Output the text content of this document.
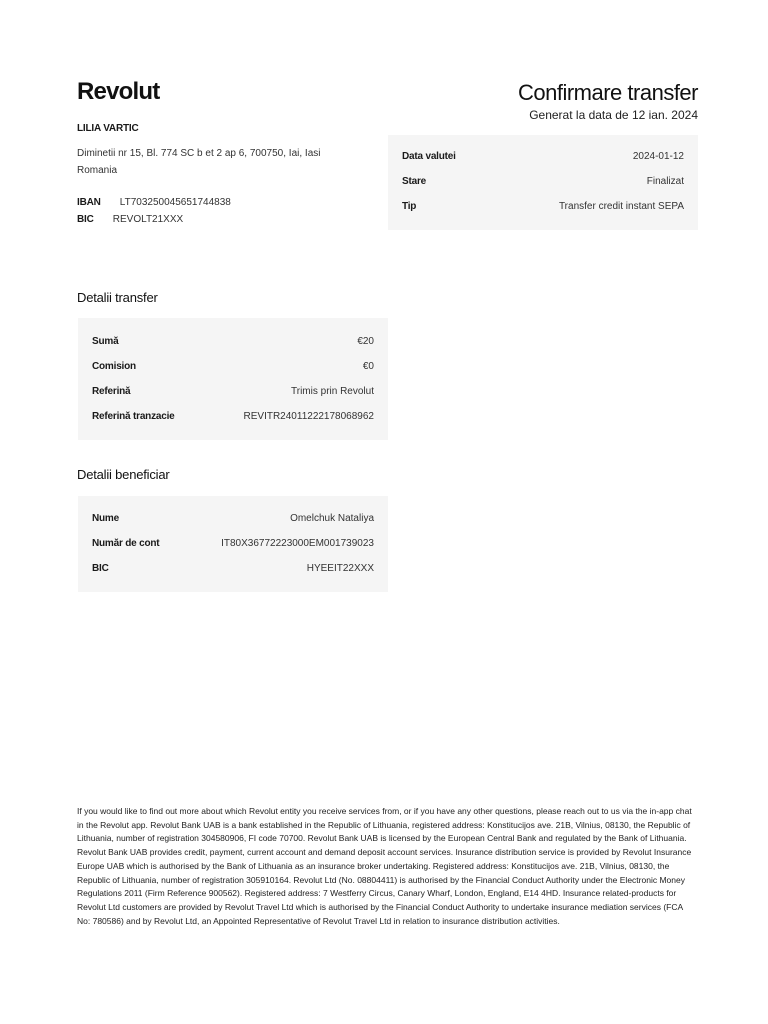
Revolut	Confirmare transfer
Generat la data de 12 ian. 2024
LILIA VARTIC
Diminetii nr 15, Bl. 774 SC b et 2 ap 6, 700750, Iai, Iasi
Romania
IBAN LT703250045651744838
BIC REVOLT21XXX
Data valutei	2024-01-12
Stare	Finalizat
Tip	Transfer credit instant SEPA
Detalii transfer
Sumă	€20
Comision	€0
Referină	Trimis prin Revolut
Referină tranzacie	REVITR24011222178068962
Detalii beneficiar
Nume	Omelchuk Nataliya
Număr de cont	IT80X36772223000EM001739023
BIC	HYEEIT22XXX
If you would like to find out more about which Revolut entity you receive services from, or if you have any other questions, please reach out to us via the in-app chat in the Revolut app. Revolut Bank UAB is a bank established in the Republic of Lithuania, registered address: Konstitucijos ave. 21B, Vilnius, 08130, the Republic of Lithuania, number of registration 304580906, FI code 70700. Revolut Bank UAB is licensed by the European Central Bank and regulated by the Bank of Lithuania. Revolut Bank UAB provides credit, payment, current account and demand deposit account services. Insurance distribution service is provided by Revolut Insurance Europe UAB which is authorised by the Bank of Lithuania as an insurance broker undertaking. Registered address: Konstitucijos ave. 21B, Vilnius, 08130, the Republic of Lithuania, number of registration 305910164. Revolut Ltd (No. 08804411) is authorised by the Financial Conduct Authority under the Electronic Money Regulations 2011 (Firm Reference 900562). Registered address: 7 Westferry Circus, Canary Wharf, London, England, E14 4HD. Insurance related-products for Revolut Ltd customers are provided by Revolut Travel Ltd which is authorised by the Financial Conduct Authority to undertake insurance mediation services (FCA No: 780586) and by Revolut Ltd, an Appointed Representative of Revolut Travel Ltd in relation to insurance distribution activities.
